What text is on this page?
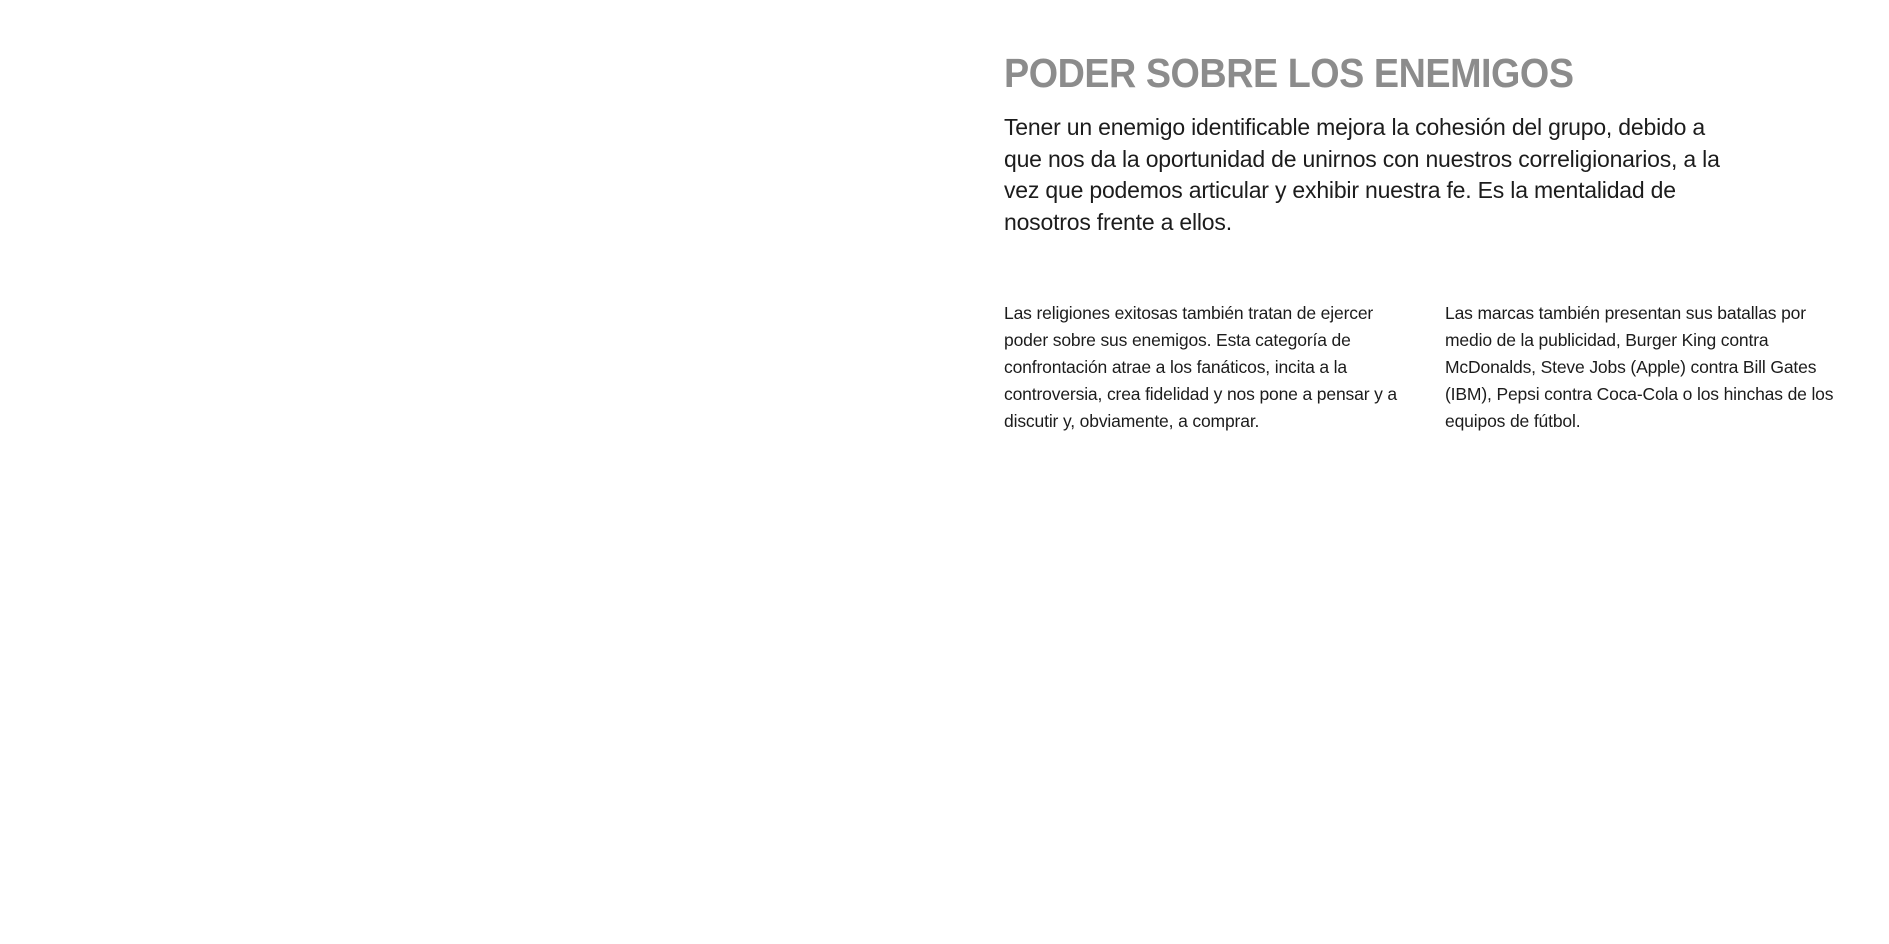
PODER SOBRE LOS ENEMIGOS

Tener un enemigo identificable mejora la cohesión del grupo, debido a que nos da la oportunidad de unirnos con nuestros correligionarios, a la vez que podemos articular y exhibir nuestra fe. Es la mentalidad de nosotros frente a ellos.

Las religiones exitosas también tratan de ejercer poder sobre sus enemigos. Esta categoría de confrontación atrae a los fanáticos, incita a la controversia, crea fidelidad y nos pone a pensar y a discutir y, obviamente, a comprar.

Las marcas también presentan sus batallas por medio de la publicidad, Burger King contra McDonalds, Steve Jobs (Apple) contra Bill Gates (IBM), Pepsi contra Coca-Cola o los hinchas de los equipos de fútbol.
